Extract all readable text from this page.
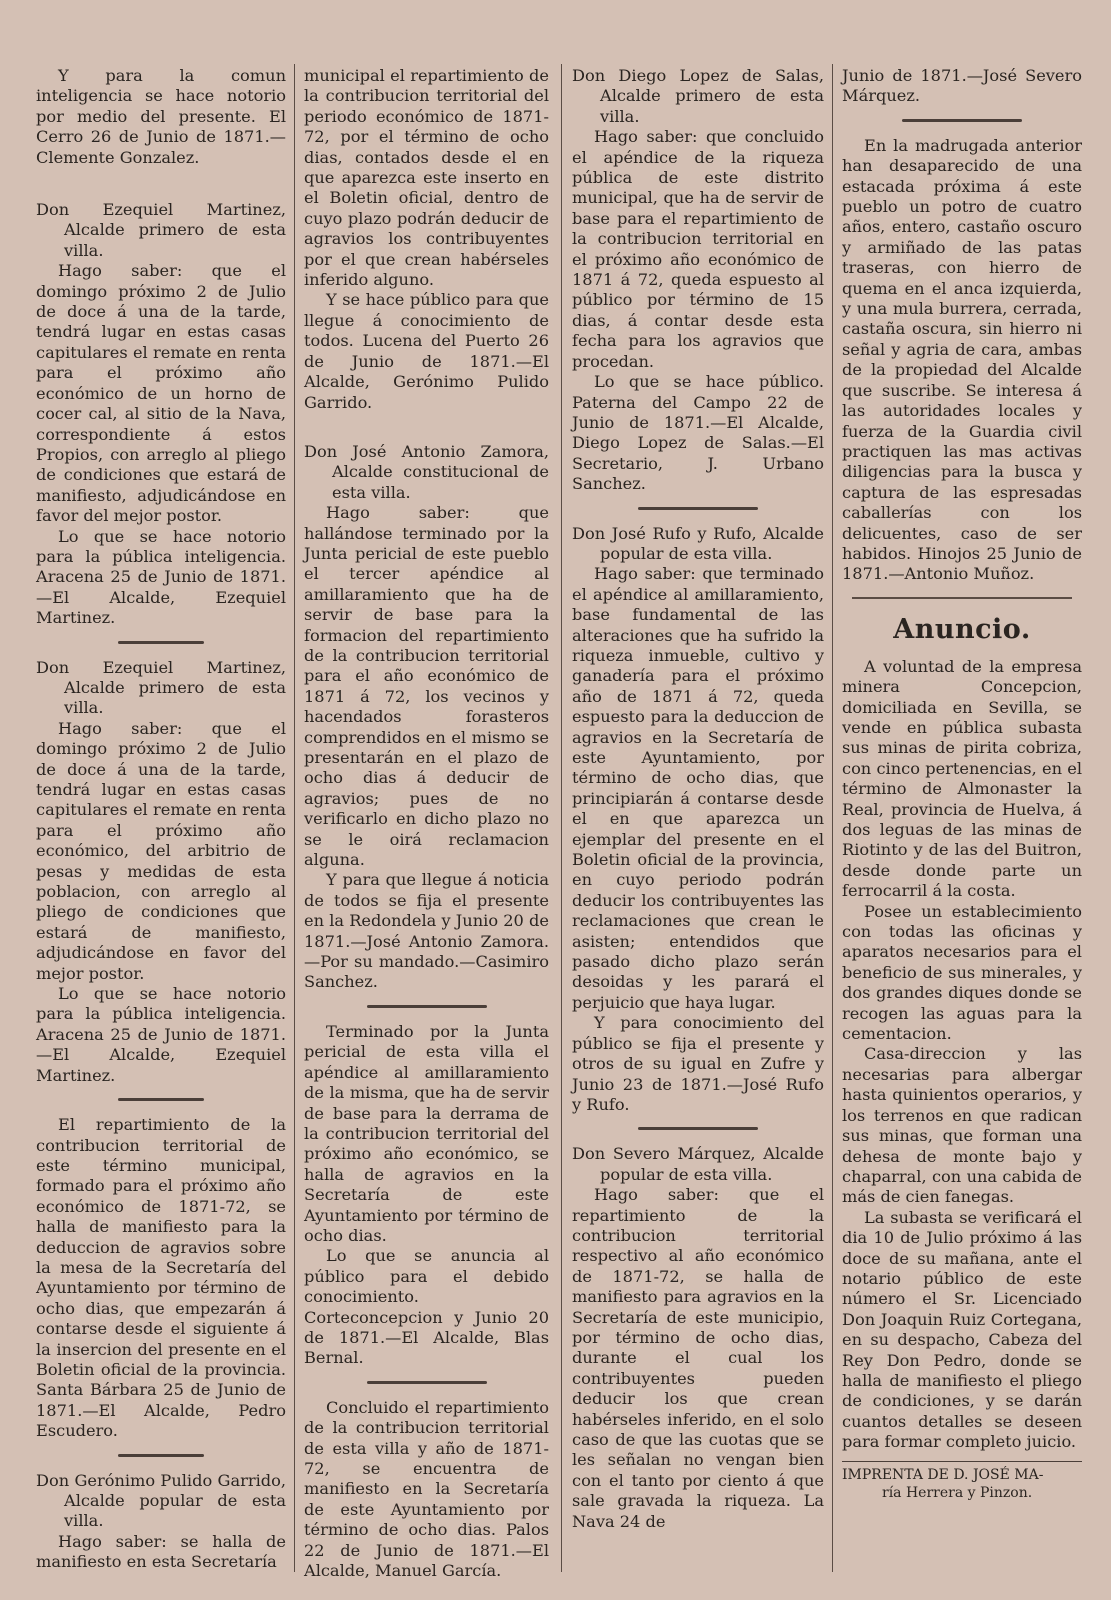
Y para la comun inteligencia se hace notorio por medio del presente. El Cerro 26 de Junio de 1871.—Clemente Gonzalez.

Don Ezequiel Martinez, Alcalde primero de esta villa.

Hago saber: que el domingo próximo 2 de Julio de doce á una de la tarde, tendrá lugar en estas casas capitulares el remate en renta para el próximo año económico de un horno de cocer cal, al sitio de la Nava, correspondiente á estos Propios, con arreglo al pliego de condiciones que estará de manifiesto, adjudicándose en favor del mejor postor.

Lo que se hace notorio para la pública inteligencia. Aracena 25 de Junio de 1871. —El Alcalde, Ezequiel Martinez.

Don Ezequiel Martinez, Alcalde primero de esta villa.

Hago saber: que el domingo próximo 2 de Julio de doce á una de la tarde, tendrá lugar en estas casas capitulares el remate en renta para el próximo año económico, del arbitrio de pesas y medidas de esta poblacion, con arreglo al pliego de condiciones que estará de manifiesto, adjudicándose en favor del mejor postor.

Lo que se hace notorio para la pública inteligencia. Aracena 25 de Junio de 1871. —El Alcalde, Ezequiel Martinez.

El repartimiento de la contribucion territorial de este término municipal, formado para el próximo año económico de 1871-72, se halla de manifiesto para la deduccion de agravios sobre la mesa de la Secretaría del Ayuntamiento por término de ocho dias, que empezarán á contarse desde el siguiente á la insercion del presente en el Boletin oficial de la provincia. Santa Bárbara 25 de Junio de 1871.—El Alcalde, Pedro Escudero.

Don Gerónimo Pulido Garrido, Alcalde popular de esta villa.

Hago saber: se halla de manifiesto en esta Secretaría

municipal el repartimiento de la contribucion territorial del periodo económico de 1871-72, por el término de ocho dias, contados desde el en que aparezca este inserto en el Boletin oficial, dentro de cuyo plazo podrán deducir de agravios los contribuyentes por el que crean habérseles inferido alguno.

Y se hace público para que llegue á conocimiento de todos. Lucena del Puerto 26 de Junio de 1871.—El Alcalde, Gerónimo Pulido Garrido.

Don José Antonio Zamora, Alcalde constitucional de esta villa.

Hago saber: que hallándose terminado por la Junta pericial de este pueblo el tercer apéndice al amillaramiento que ha de servir de base para la formacion del repartimiento de la contribucion territorial para el año económico de 1871 á 72, los vecinos y hacendados forasteros comprendidos en el mismo se presentarán en el plazo de ocho dias á deducir de agravios; pues de no verificarlo en dicho plazo no se le oirá reclamacion alguna.

Y para que llegue á noticia de todos se fija el presente en la Redondela y Junio 20 de 1871.—José Antonio Zamora.—Por su mandado.—Casimiro Sanchez.

Terminado por la Junta pericial de esta villa el apéndice al amillaramiento de la misma, que ha de servir de base para la derrama de la contribucion territorial del próximo año económico, se halla de agravios en la Secretaría de este Ayuntamiento por término de ocho dias.

Lo que se anuncia al público para el debido conocimiento. Corteconcepcion y Junio 20 de 1871.—El Alcalde, Blas Bernal.

Concluido el repartimiento de la contribucion territorial de esta villa y año de 1871-72, se encuentra de manifiesto en la Secretaría de este Ayuntamiento por término de ocho dias. Palos 22 de Junio de 1871.—El Alcalde, Manuel García.

Don Diego Lopez de Salas, Alcalde primero de esta villa.

Hago saber: que concluido el apéndice de la riqueza pública de este distrito municipal, que ha de servir de base para el repartimiento de la contribucion territorial en el próximo año económico de 1871 á 72, queda espuesto al público por término de 15 dias, á contar desde esta fecha para los agravios que procedan.

Lo que se hace público. Paterna del Campo 22 de Junio de 1871.—El Alcalde, Diego Lopez de Salas.—El Secretario, J. Urbano Sanchez.

Don José Rufo y Rufo, Alcalde popular de esta villa.

Hago saber: que terminado el apéndice al amillaramiento, base fundamental de las alteraciones que ha sufrido la riqueza inmueble, cultivo y ganadería para el próximo año de 1871 á 72, queda espuesto para la deduccion de agravios en la Secretaría de este Ayuntamiento, por término de ocho dias, que principiarán á contarse desde el en que aparezca un ejemplar del presente en el Boletin oficial de la provincia, en cuyo periodo podrán deducir los contribuyentes las reclamaciones que crean le asisten; entendidos que pasado dicho plazo serán desoidas y les parará el perjuicio que haya lugar.

Y para conocimiento del público se fija el presente y otros de su igual en Zufre y Junio 23 de 1871.—José Rufo y Rufo.

Don Severo Márquez, Alcalde popular de esta villa.

Hago saber: que el repartimiento de la contribucion territorial respectivo al año económico de 1871-72, se halla de manifiesto para agravios en la Secretaría de este municipio, por término de ocho dias, durante el cual los contribuyentes pueden deducir los que crean habérseles inferido, en el solo caso de que las cuotas que se les señalan no vengan bien con el tanto por ciento á que sale gravada la riqueza. La Nava 24 de

Junio de 1871.—José Severo Márquez.

En la madrugada anterior han desaparecido de una estacada próxima á este pueblo un potro de cuatro años, entero, castaño oscuro y armiñado de las patas traseras, con hierro de quema en el anca izquierda, y una mula burrera, cerrada, castaña oscura, sin hierro ni señal y agria de cara, ambas de la propiedad del Alcalde que suscribe. Se interesa á las autoridades locales y fuerza de la Guardia civil practiquen las mas activas diligencias para la busca y captura de las espresadas caballerías con los delicuentes, caso de ser habidos. Hinojos 25 Junio de 1871.—Antonio Muñoz.

Anuncio.

A voluntad de la empresa minera Concepcion, domiciliada en Sevilla, se vende en pública subasta sus minas de pirita cobriza, con cinco pertenencias, en el término de Almonaster la Real, provincia de Huelva, á dos leguas de las minas de Riotinto y de las del Buitron, desde donde parte un ferrocarril á la costa.

Posee un establecimiento con todas las oficinas y aparatos necesarios para el beneficio de sus minerales, y dos grandes diques donde se recogen las aguas para la cementacion.

Casa-direccion y las necesarias para albergar hasta quinientos operarios, y los terrenos en que radican sus minas, que forman una dehesa de monte bajo y chaparral, con una cabida de más de cien fanegas.

La subasta se verificará el dia 10 de Julio próximo á las doce de su mañana, ante el notario público de este número el Sr. Licenciado Don Joaquin Ruiz Cortegana, en su despacho, Cabeza del Rey Don Pedro, donde se halla de manifiesto el pliego de condiciones, y se darán cuantos detalles se deseen para formar completo juicio.

IMPRENTA DE D. JOSÉ MA-
ría Herrera y Pinzon.
